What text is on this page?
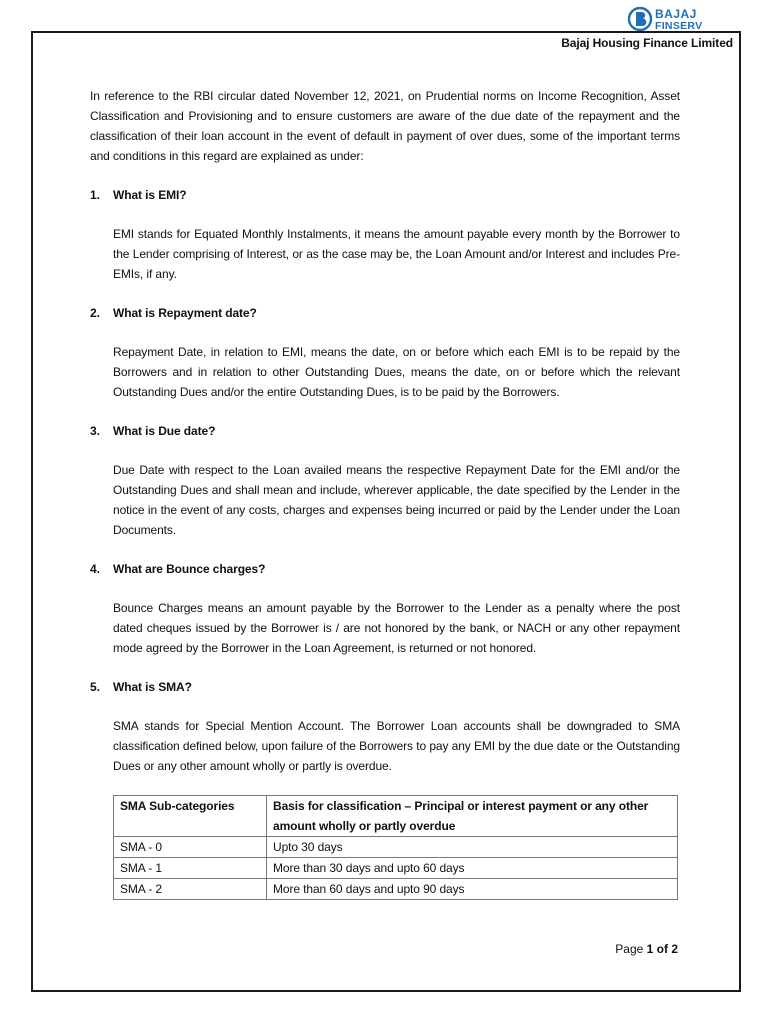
BAJAJ
FINSERV
Bajaj Housing Finance Limited

In reference to the RBI circular dated November 12, 2021, on Prudential norms on Income Recognition, Asset Classification and Provisioning and to ensure customers are aware of the due date of the repayment and the classification of their loan account in the event of default in payment of over dues, some of the important terms and conditions in this regard are explained as under:

1.	What is EMI?
EMI stands for Equated Monthly Instalments, it means the amount payable every month by the Borrower to the Lender comprising of Interest, or as the case may be, the Loan Amount and/or Interest and includes Pre-EMIs, if any.
2.	What is Repayment date?
Repayment Date, in relation to EMI, means the date, on or before which each EMI is to be repaid by the Borrowers and in relation to other Outstanding Dues, means the date, on or before which the relevant Outstanding Dues and/or the entire Outstanding Dues, is to be paid by the Borrowers.
3.	What is Due date?
Due Date with respect to the Loan availed means the respective Repayment Date for the EMI and/or the Outstanding Dues and shall mean and include, wherever applicable, the date specified by the Lender in the notice in the event of any costs, charges and expenses being incurred or paid by the Lender under the Loan Documents.
4.	What are Bounce charges?
Bounce Charges means an amount payable by the Borrower to the Lender as a penalty where the post dated cheques issued by the Borrower is / are not honored by the bank, or NACH or any other repayment mode agreed by the Borrower in the Loan Agreement, is returned or not honored.
5.	What is SMA?
SMA stands for Special Mention Account. The Borrower Loan accounts shall be downgraded to SMA classification defined below, upon failure of the Borrowers to pay any EMI by the due date or the Outstanding Dues or any other amount wholly or partly is overdue.
SMA Sub-categories	Basis for classification – Principal or interest payment or any other amount wholly or partly overdue
SMA - 0	Upto 30 days
SMA - 1	More than 30 days and upto 60 days
SMA - 2	More than 60 days and upto 90 days
Page 1 of 2
